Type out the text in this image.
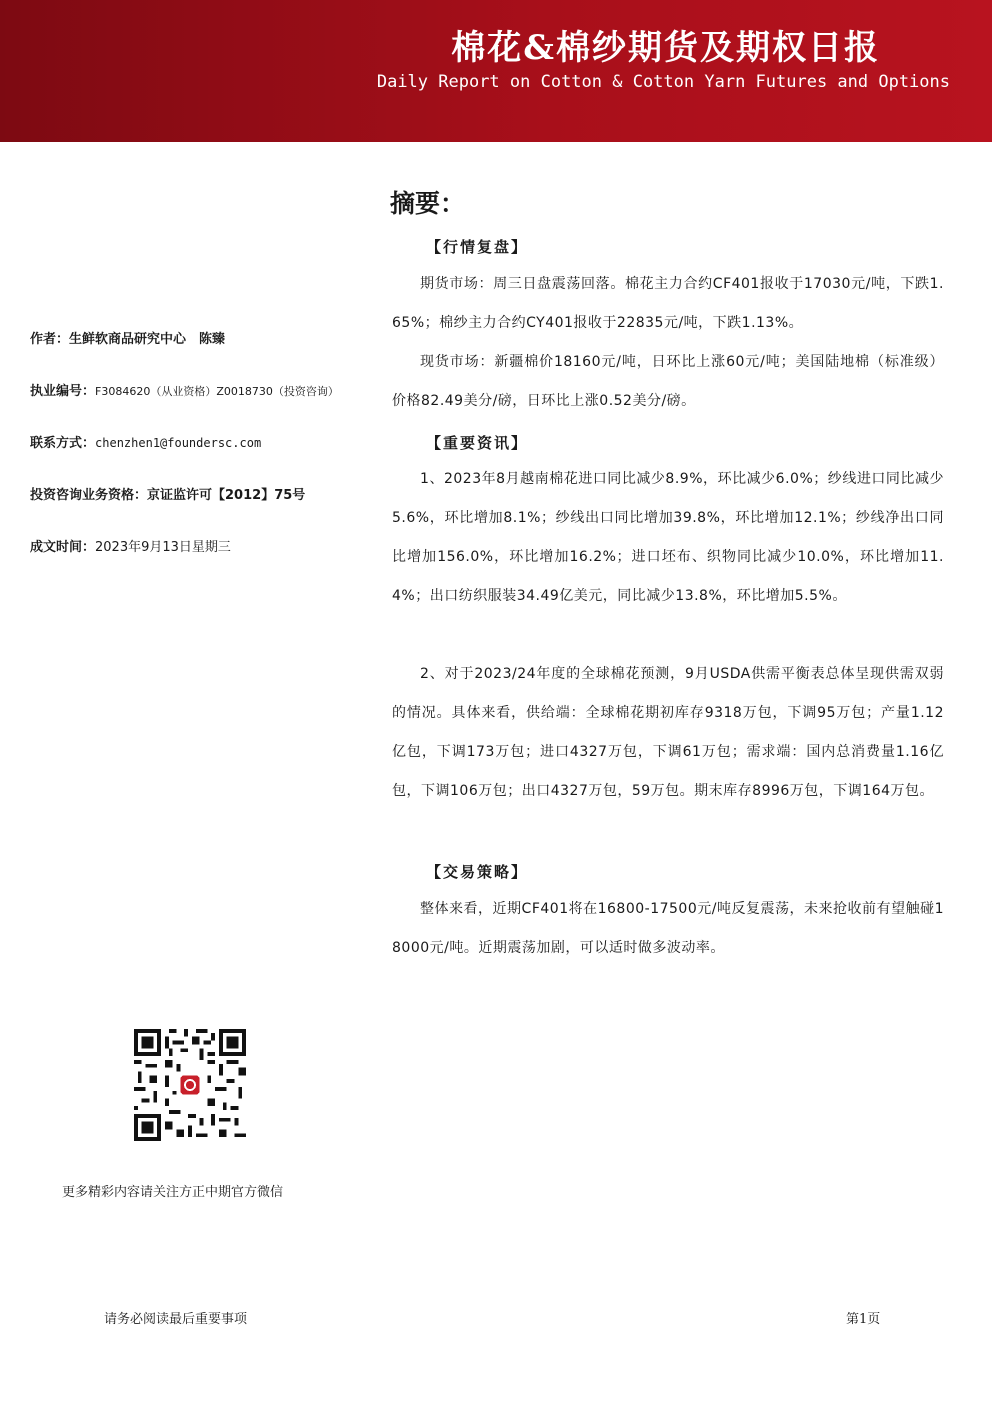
棉花&棉纱期货及期权日报
Daily Report on Cotton & Cotton Yarn Futures and Options
作者：生鲜软商品研究中心　陈臻
执业编号：F3084620（从业资格）Z0018730（投资咨询）
联系方式：chenzhen1@foundersc.com
投资咨询业务资格：京证监许可【2012】75号
成文时间：2023年9月13日星期三
摘要：
【行情复盘】

期货市场：周三日盘震荡回落。棉花主力合约CF401报收于17030元/吨，下跌1.65%；棉纱主力合约CY401报收于22835元/吨，下跌1.13%。

现货市场：新疆棉价18160元/吨，日环比上涨60元/吨；美国陆地棉（标准级）价格82.49美分/磅，日环比上涨0.52美分/磅。

【重要资讯】

1、2023年8月越南棉花进口同比减少8.9%，环比减少6.0%；纱线进口同比减少5.6%，环比增加8.1%；纱线出口同比增加39.8%，环比增加12.1%；纱线净出口同比增加156.0%，环比增加16.2%；进口坯布、织物同比减少10.0%，环比增加11.4%；出口纺织服装34.49亿美元，同比减少13.8%，环比增加5.5%。

2、对于2023/24年度的全球棉花预测，9月USDA供需平衡表总体呈现供需双弱的情况。具体来看，供给端：全球棉花期初库存9318万包，下调95万包；产量1.12亿包，下调173万包；进口4327万包，下调61万包；需求端：国内总消费量1.16亿包，下调106万包；出口4327万包，59万包。期末库存8996万包，下调164万包。

【交易策略】

整体来看，近期CF401将在16800-17500元/吨反复震荡，未来抢收前有望触碰18000元/吨。近期震荡加剧，可以适时做多波动率。

更多精彩内容请关注方正中期官方微信
请务必阅读最后重要事项	第1页
